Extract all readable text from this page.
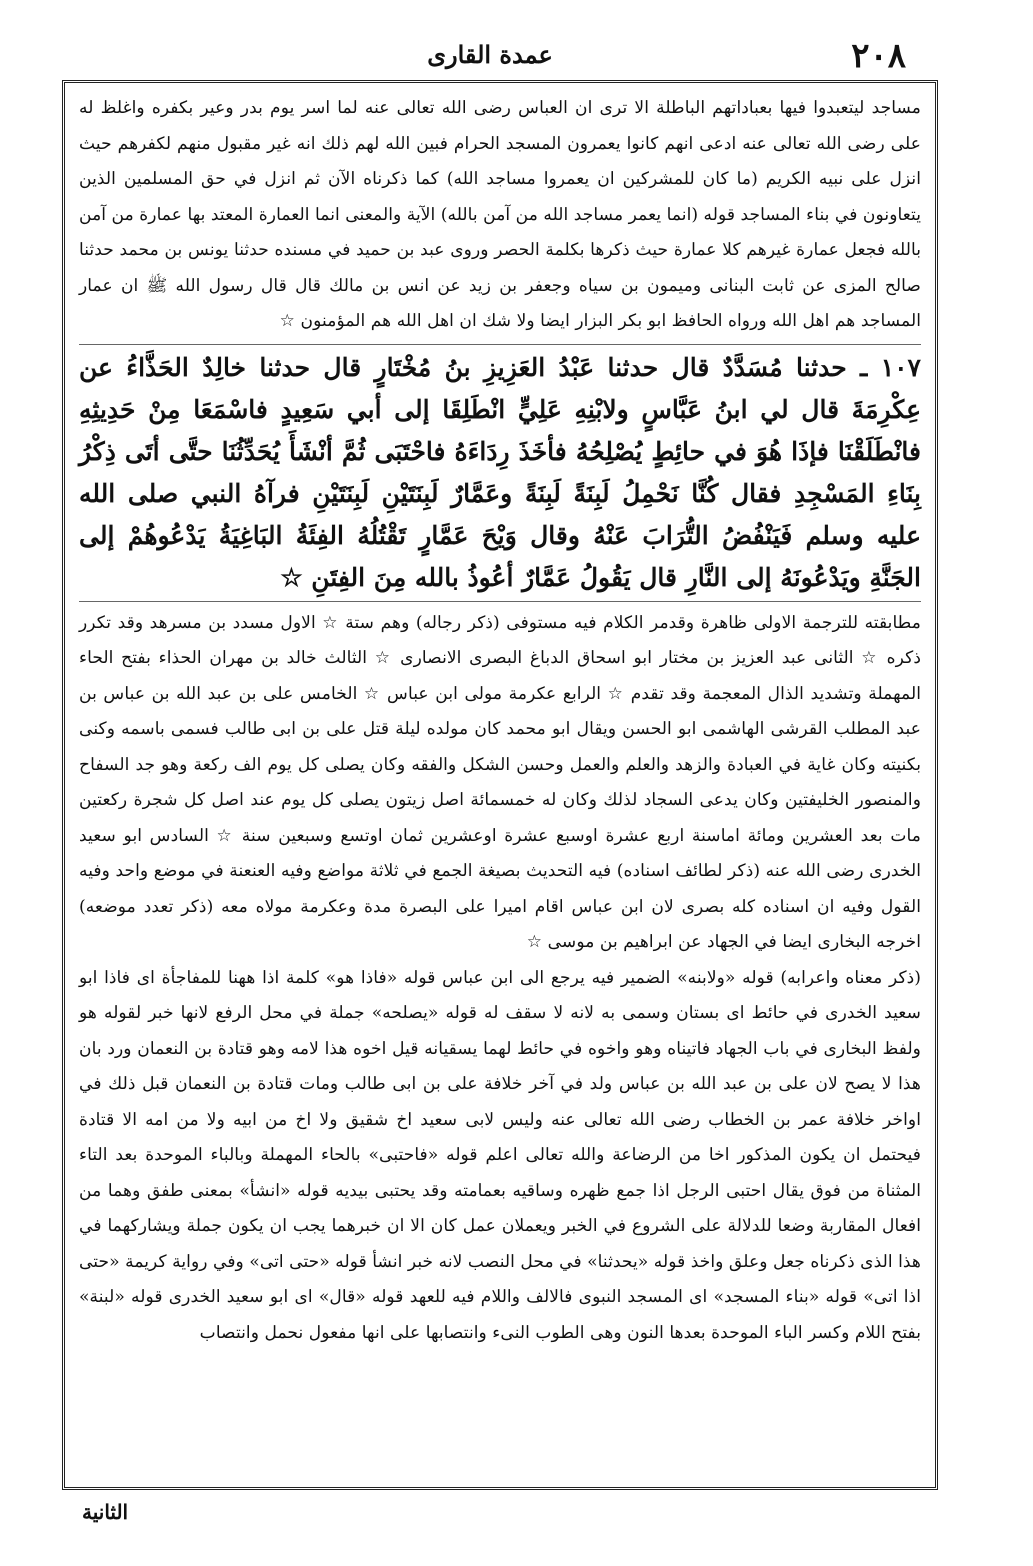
٢٠٨
عمدة القارى

مساجد ليتعبدوا فيها بعباداتهم الباطلة الا ترى ان العباس رضى الله تعالى عنه لما اسر يوم بدر وعير بكفره واغلظ له على رضى الله تعالى عنه ادعى انهم كانوا يعمرون المسجد الحرام فبين الله لهم ذلك انه غير مقبول منهم لكفرهم حيث انزل على نبيه الكريم (ما كان للمشركين ان يعمروا مساجد الله) كما ذكرناه الآن ثم انزل في حق المسلمين الذين يتعاونون في بناء المساجد قوله (انما يعمر مساجد الله من آمن بالله) الآية والمعنى انما العمارة المعتد بها عمارة من آمن بالله فجعل عمارة غيرهم كلا عمارة حيث ذكرها بكلمة الحصر وروى عبد بن حميد في مسنده حدثنا يونس بن محمد حدثنا صالح المزى عن ثابت البنانى وميمون بن سياه وجعفر بن زيد عن انس بن مالك قال قال رسول الله ﷺ ان عمار المساجد هم اهل الله ورواه الحافظ ابو بكر البزار ايضا ولا شك ان اهل الله هم المؤمنون ☆

١٠٧ ـ حدثنا مُسَدَّدٌ قال حدثنا عَبْدُ العَزِيزِ بنُ مُخْتَارٍ قال حدثنا خالِدٌ الحَذَّاءُ عن عِكْرِمَةَ قال لي ابنُ عَبَّاسٍ ولابْنِهِ عَلِيٍّ انْطَلِقَا إلى أبي سَعِيدٍ فاسْمَعَا مِنْ حَدِيثِهِ فانْطَلَقْنَا فإذَا هُوَ في حائِطٍ يُصْلِحُهُ فأخَذَ رِدَاءَهُ فاحْتَبَى ثُمَّ أنْشَأَ يُحَدِّثُنَا حتَّى أتَى ذِكْرُ بِنَاءِ المَسْجِدِ فقال كُنَّا نَحْمِلُ لَبِنَةً لَبِنَةً وعَمَّارٌ لَبِنَتَيْنِ لَبِنَتَيْنِ فرآهُ النبي صلى الله عليه وسلم فَيَنْفُضُ التُّرَابَ عَنْهُ وقال وَيْحَ عَمَّارٍ تَقْتُلُهُ الفِئَةُ البَاغِيَةُ يَدْعُوهُمْ إلى الجَنَّةِ ويَدْعُونَهُ إلى النَّارِ قال يَقُولُ عَمَّارٌ أعُوذُ بالله مِنَ الفِتَنِ ☆

مطابقته للترجمة الاولى ظاهرة وقدمر الكلام فيه مستوفى (ذكر رجاله) وهم ستة ☆ الاول مسدد بن مسرهد وقد تكرر ذكره ☆ الثانى عبد العزيز بن مختار ابو اسحاق الدباغ البصرى الانصارى ☆ الثالث خالد بن مهران الحذاء بفتح الحاء المهملة وتشديد الذال المعجمة وقد تقدم ☆ الرابع عكرمة مولى ابن عباس ☆ الخامس على بن عبد الله بن عباس بن عبد المطلب القرشى الهاشمى ابو الحسن ويقال ابو محمد كان مولده ليلة قتل على بن ابى طالب فسمى باسمه وكنى بكنيته وكان غاية في العبادة والزهد والعلم والعمل وحسن الشكل والفقه وكان يصلى كل يوم الف ركعة وهو جد السفاح والمنصور الخليفتين وكان يدعى السجاد لذلك وكان له خمسمائة اصل زيتون يصلى كل يوم عند اصل كل شجرة ركعتين مات بعد العشرين ومائة اماسنة اربع عشرة اوسبع عشرة اوعشرين ثمان اوتسع وسبعين سنة ☆ السادس ابو سعيد الخدرى رضى الله عنه (ذكر لطائف اسناده) فيه التحديث بصيغة الجمع في ثلاثة مواضع وفيه العنعنة في موضع واحد وفيه القول وفيه ان اسناده كله بصرى لان ابن عباس اقام اميرا على البصرة مدة وعكرمة مولاه معه (ذكر تعدد موضعه) اخرجه البخارى ايضا في الجهاد عن ابراهيم بن موسى ☆

(ذكر معناه واعرابه) قوله «ولابنه» الضمير فيه يرجع الى ابن عباس قوله «فاذا هو» كلمة اذا ههنا للمفاجأة اى فاذا ابو سعيد الخدرى في حائط اى بستان وسمى به لانه لا سقف له قوله «يصلحه» جملة في محل الرفع لانها خبر لقوله هو ولفظ البخارى في باب الجهاد فاتيناه وهو واخوه في حائط لهما يسقيانه قيل اخوه هذا لامه وهو قتادة بن النعمان ورد بان هذا لا يصح لان على بن عبد الله بن عباس ولد في آخر خلافة على بن ابى طالب ومات قتادة بن النعمان قبل ذلك في اواخر خلافة عمر بن الخطاب رضى الله تعالى عنه وليس لابى سعيد اخ شقيق ولا اخ من ابيه ولا من امه الا قتادة فيحتمل ان يكون المذكور اخا من الرضاعة والله تعالى اعلم قوله «فاحتبى» بالحاء المهملة وبالباء الموحدة بعد التاء المثناة من فوق يقال احتبى الرجل اذا جمع ظهره وساقيه بعمامته وقد يحتبى بيديه قوله «انشأ» بمعنى طفق وهما من افعال المقاربة وضعا للدلالة على الشروع في الخبر ويعملان عمل كان الا ان خبرهما يجب ان يكون جملة ويشاركهما في هذا الذى ذكرناه جعل وعلق واخذ قوله «يحدثنا» في محل النصب لانه خبر انشأ قوله «حتى اتى» وفي رواية كريمة «حتى اذا اتى» قوله «بناء المسجد» اى المسجد النبوى فالالف واللام فيه للعهد قوله «قال» اى ابو سعيد الخدرى قوله «لبنة» بفتح اللام وكسر الباء الموحدة بعدها النون وهى الطوب النىء وانتصابها على انها مفعول نحمل وانتصاب

الثانية
